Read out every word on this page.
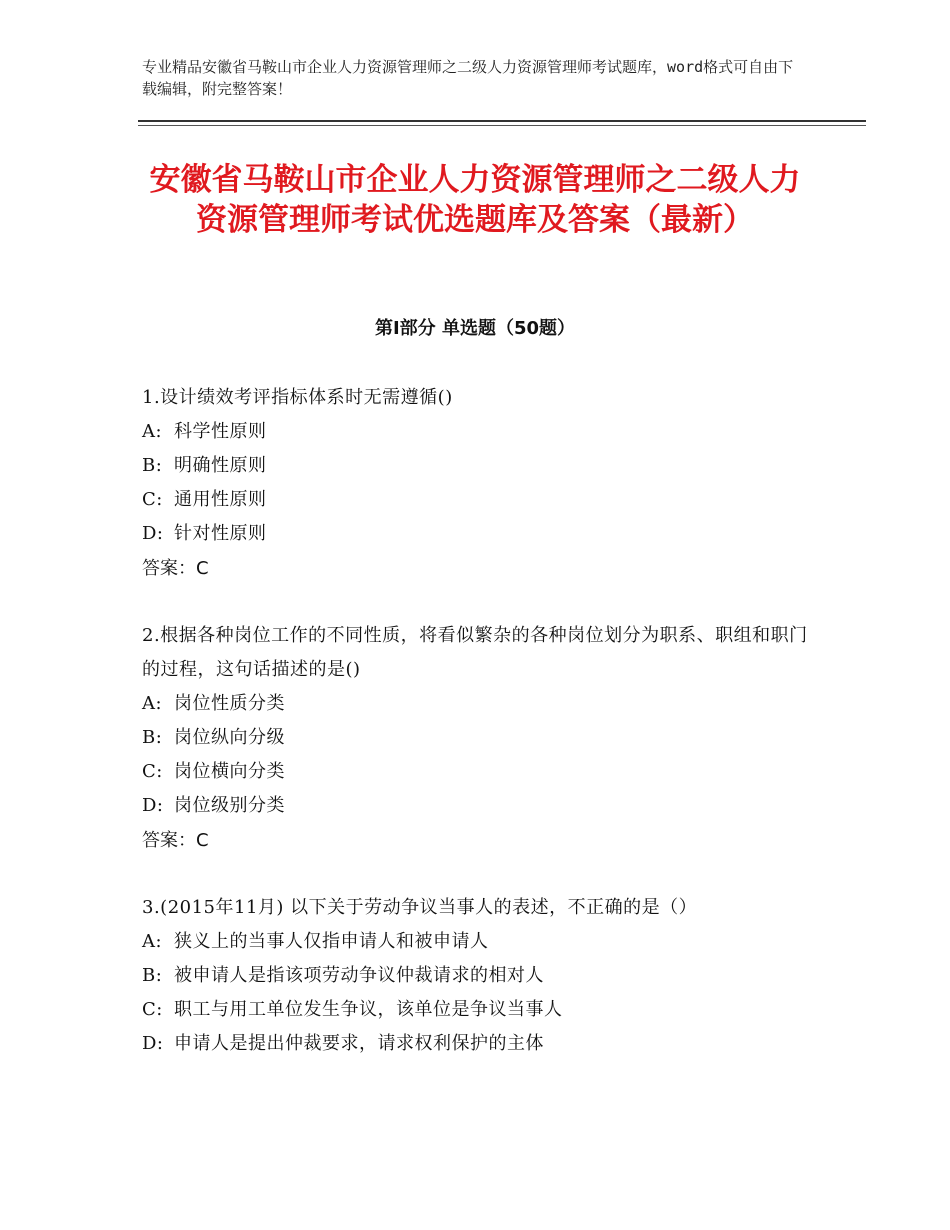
专业精品安徽省马鞍山市企业人力资源管理师之二级人力资源管理师考试题库，word格式可自由下载编辑，附完整答案！
安徽省马鞍山市企业人力资源管理师之二级人力资源管理师考试优选题库及答案（最新）
第Ⅰ部分 单选题（50题）
1.设计绩效考评指标体系时无需遵循()
A: 科学性原则
B: 明确性原则
C: 通用性原则
D: 针对性原则
答案：C
2.根据各种岗位工作的不同性质，将看似繁杂的各种岗位划分为职系、职组和职门的过程，这句话描述的是()
A: 岗位性质分类
B: 岗位纵向分级
C: 岗位横向分类
D: 岗位级别分类
答案：C
3.(2015年11月) 以下关于劳动争议当事人的表述，不正确的是（）
A: 狭义上的当事人仅指申请人和被申请人
B: 被申请人是指该项劳动争议仲裁请求的相对人
C: 职工与用工单位发生争议，该单位是争议当事人
D: 申请人是提出仲裁要求，请求权利保护的主体
